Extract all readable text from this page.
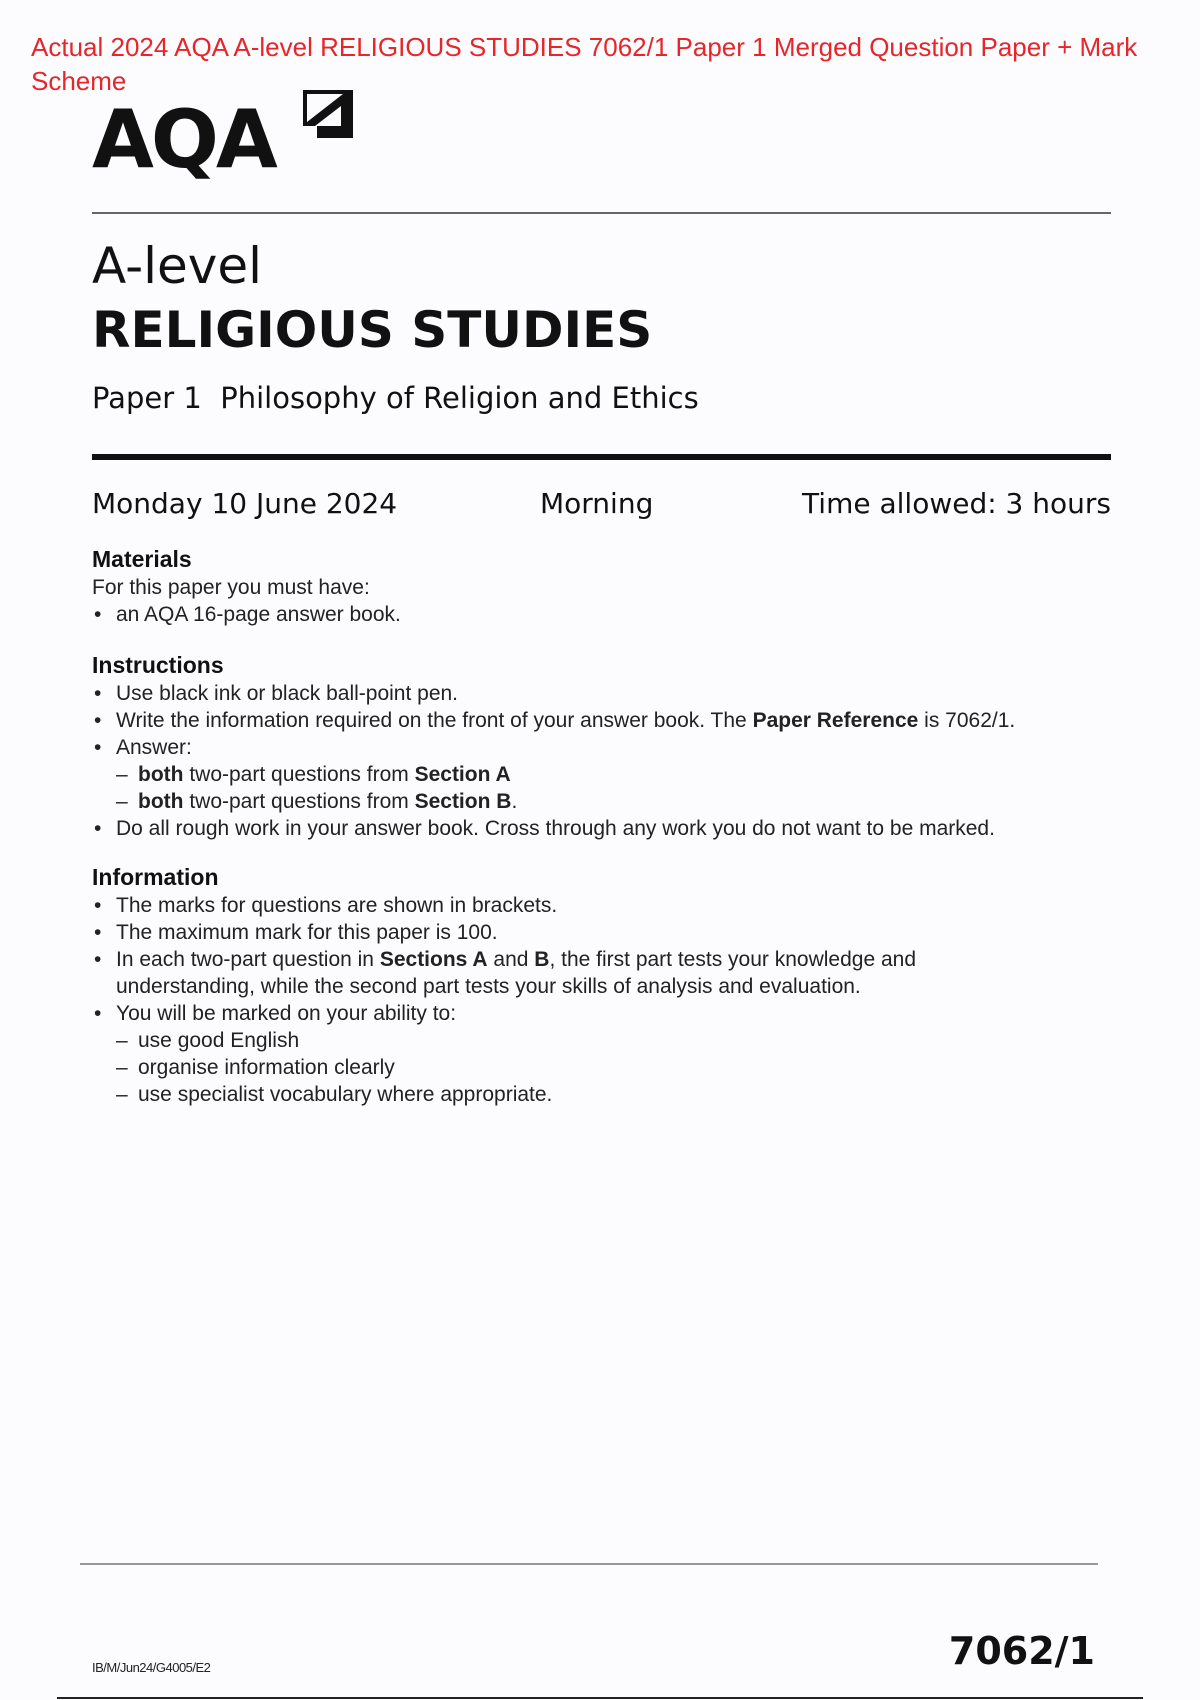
Actual 2024 AQA A-level RELIGIOUS STUDIES 7062/1 Paper 1 Merged Question Paper + Mark Scheme
AQA
A-level
RELIGIOUS STUDIES
Paper 1  Philosophy of Religion and Ethics
Monday 10 June 2024	Morning	Time allowed: 3 hours
Materials

For this paper you must have:

• an AQA 16-page answer book.

Instructions

• Use black ink or black ball-point pen.

• Write the information required on the front of your answer book. The Paper Reference is 7062/1.

• Answer:

– both two-part questions from Section A

– both two-part questions from Section B.

• Do all rough work in your answer book. Cross through any work you do not want to be marked.

Information

• The marks for questions are shown in brackets.

• The maximum mark for this paper is 100.

• In each two-part question in Sections A and B, the first part tests your knowledge and

understanding, while the second part tests your skills of analysis and evaluation.

• You will be marked on your ability to:

– use good English

– organise information clearly

– use specialist vocabulary where appropriate.

IB/M/Jun24/G4005/E2	7062/1
